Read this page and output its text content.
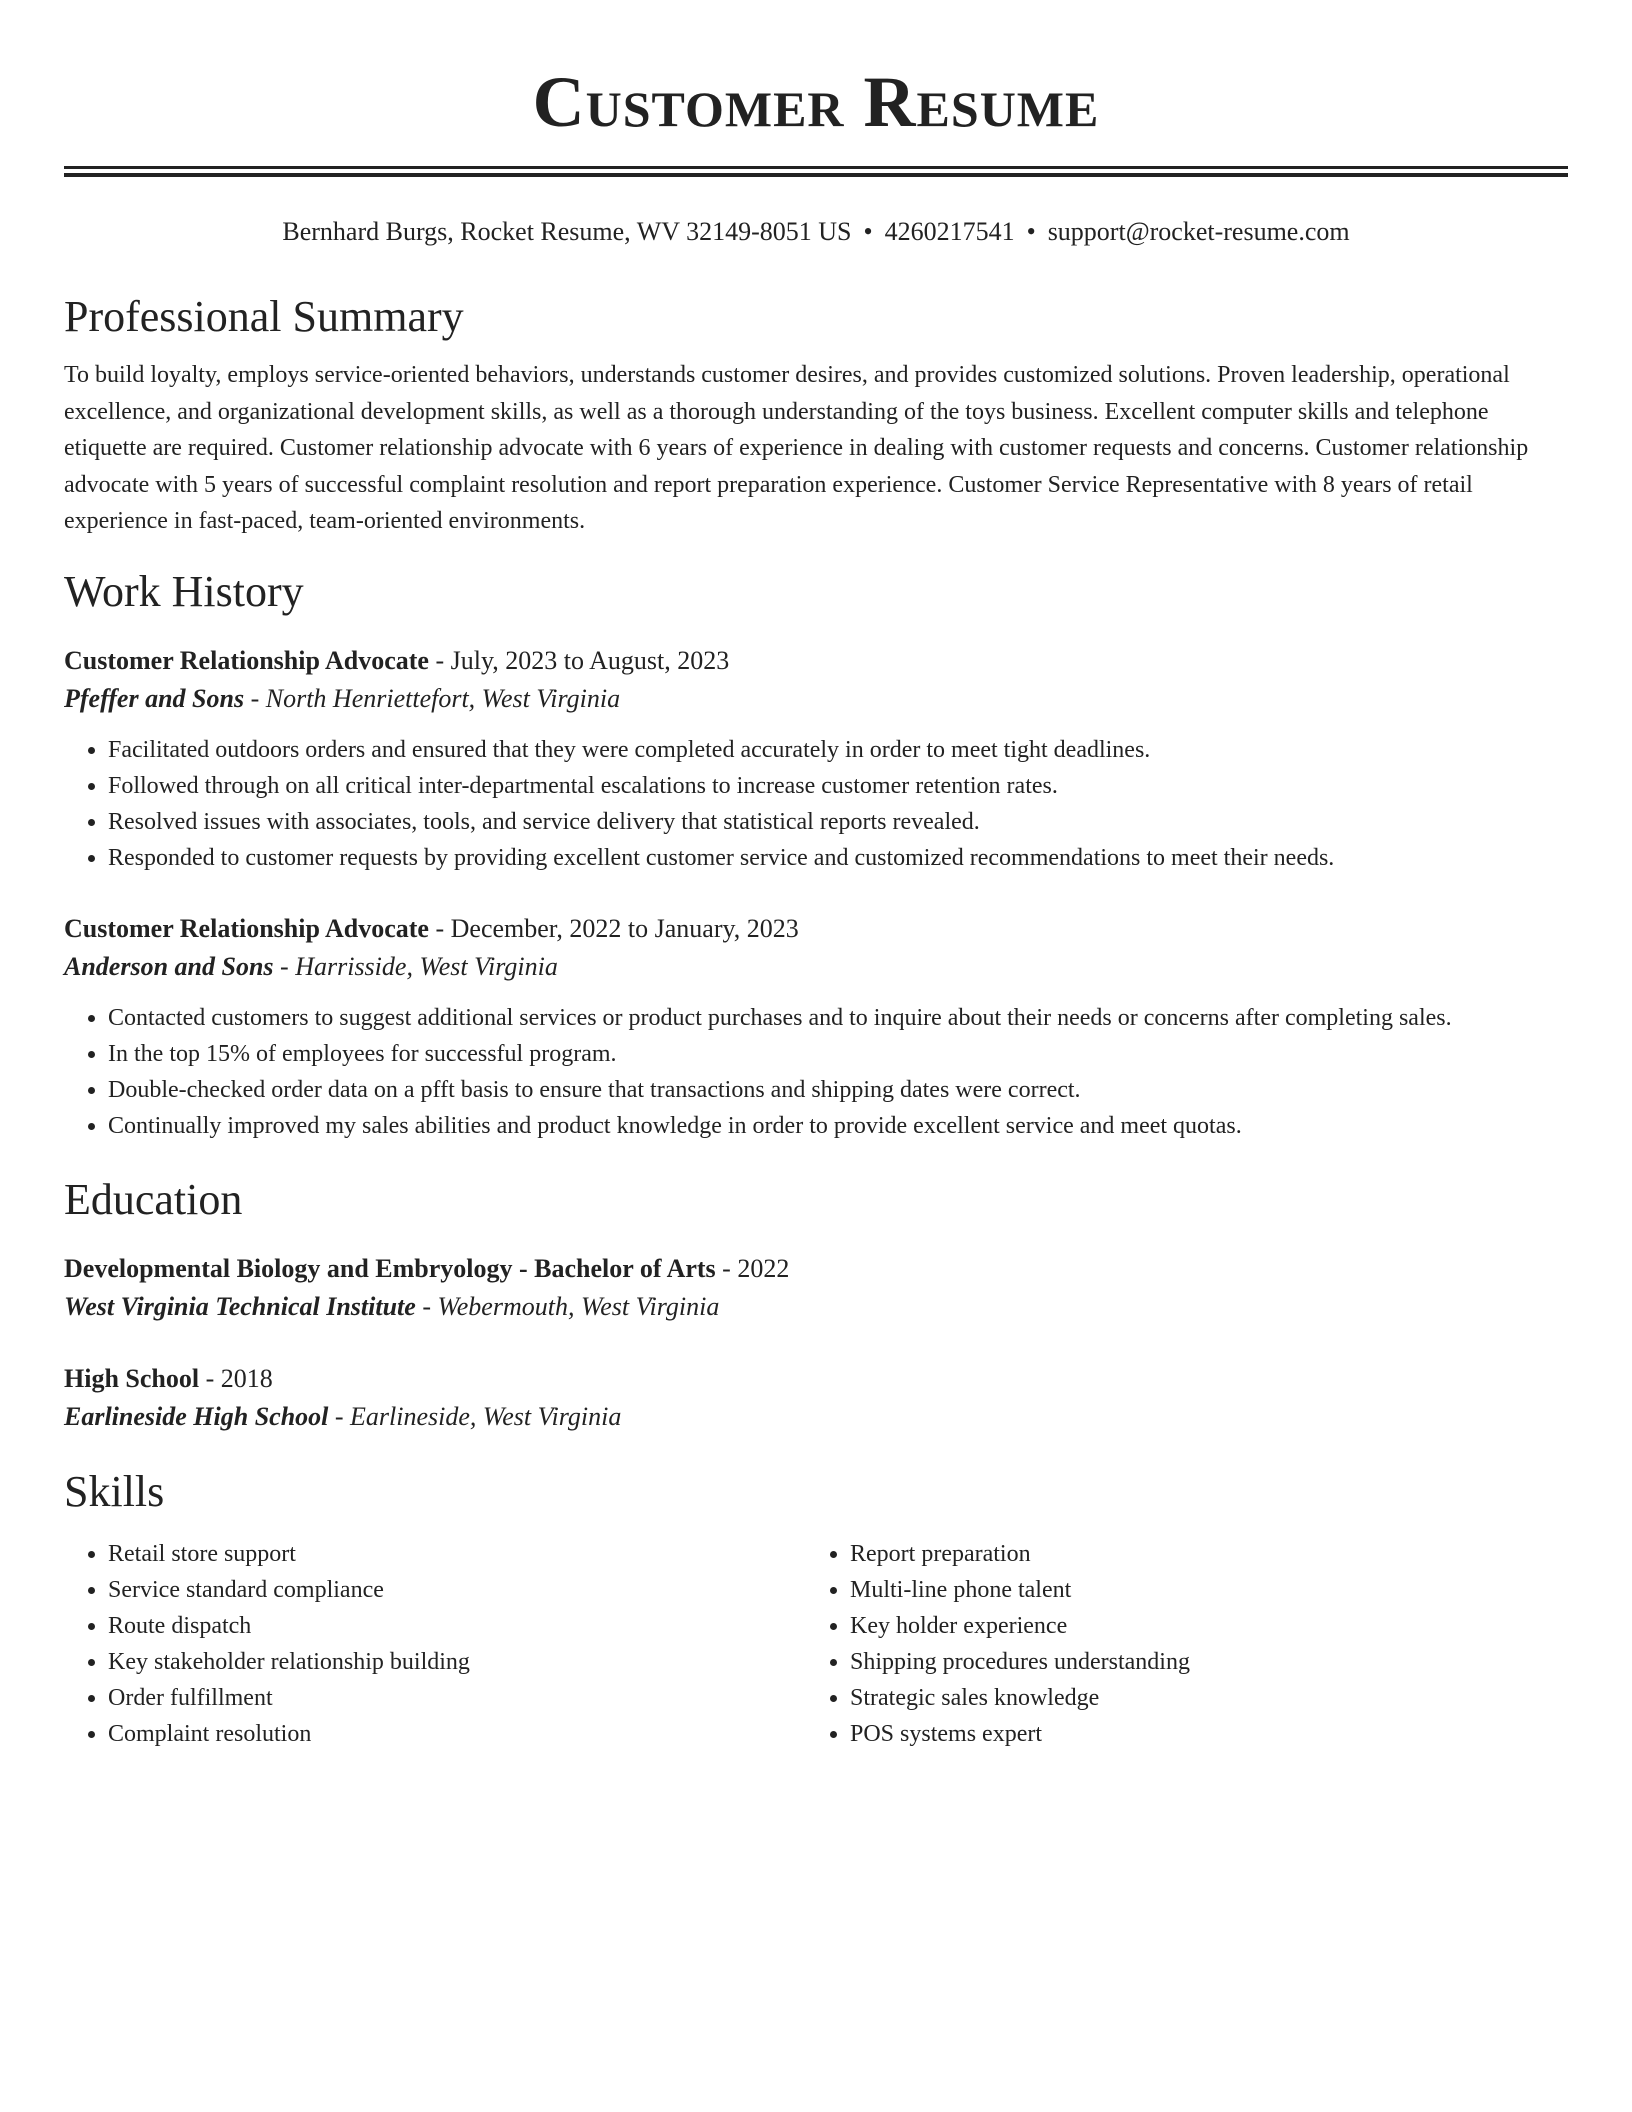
Customer Resume
Bernhard Burgs, Rocket Resume, WV 32149-8051 US • 4260217541 • support@rocket-resume.com
Professional Summary
To build loyalty, employs service-oriented behaviors, understands customer desires, and provides customized solutions. Proven leadership, operational excellence, and organizational development skills, as well as a thorough understanding of the toys business. Excellent computer skills and telephone etiquette are required. Customer relationship advocate with 6 years of experience in dealing with customer requests and concerns. Customer relationship advocate with 5 years of successful complaint resolution and report preparation experience. Customer Service Representative with 8 years of retail experience in fast-paced, team-oriented environments.
Work History
Customer Relationship Advocate - July, 2023 to August, 2023
Pfeffer and Sons - North Henriettefort, West Virginia
• Facilitated outdoors orders and ensured that they were completed accurately in order to meet tight deadlines.
• Followed through on all critical inter-departmental escalations to increase customer retention rates.
• Resolved issues with associates, tools, and service delivery that statistical reports revealed.
• Responded to customer requests by providing excellent customer service and customized recommendations to meet their needs.
Customer Relationship Advocate - December, 2022 to January, 2023
Anderson and Sons - Harrisside, West Virginia
• Contacted customers to suggest additional services or product purchases and to inquire about their needs or concerns after completing sales.
• In the top 15% of employees for successful program.
• Double-checked order data on a pfft basis to ensure that transactions and shipping dates were correct.
• Continually improved my sales abilities and product knowledge in order to provide excellent service and meet quotas.
Education
Developmental Biology and Embryology - Bachelor of Arts - 2022
West Virginia Technical Institute - Webermouth, West Virginia
High School - 2018
Earlineside High School - Earlineside, West Virginia
Skills
• Retail store support
• Service standard compliance
• Route dispatch
• Key stakeholder relationship building
• Order fulfillment
• Complaint resolution
• Report preparation
• Multi-line phone talent
• Key holder experience
• Shipping procedures understanding
• Strategic sales knowledge
• POS systems expert
